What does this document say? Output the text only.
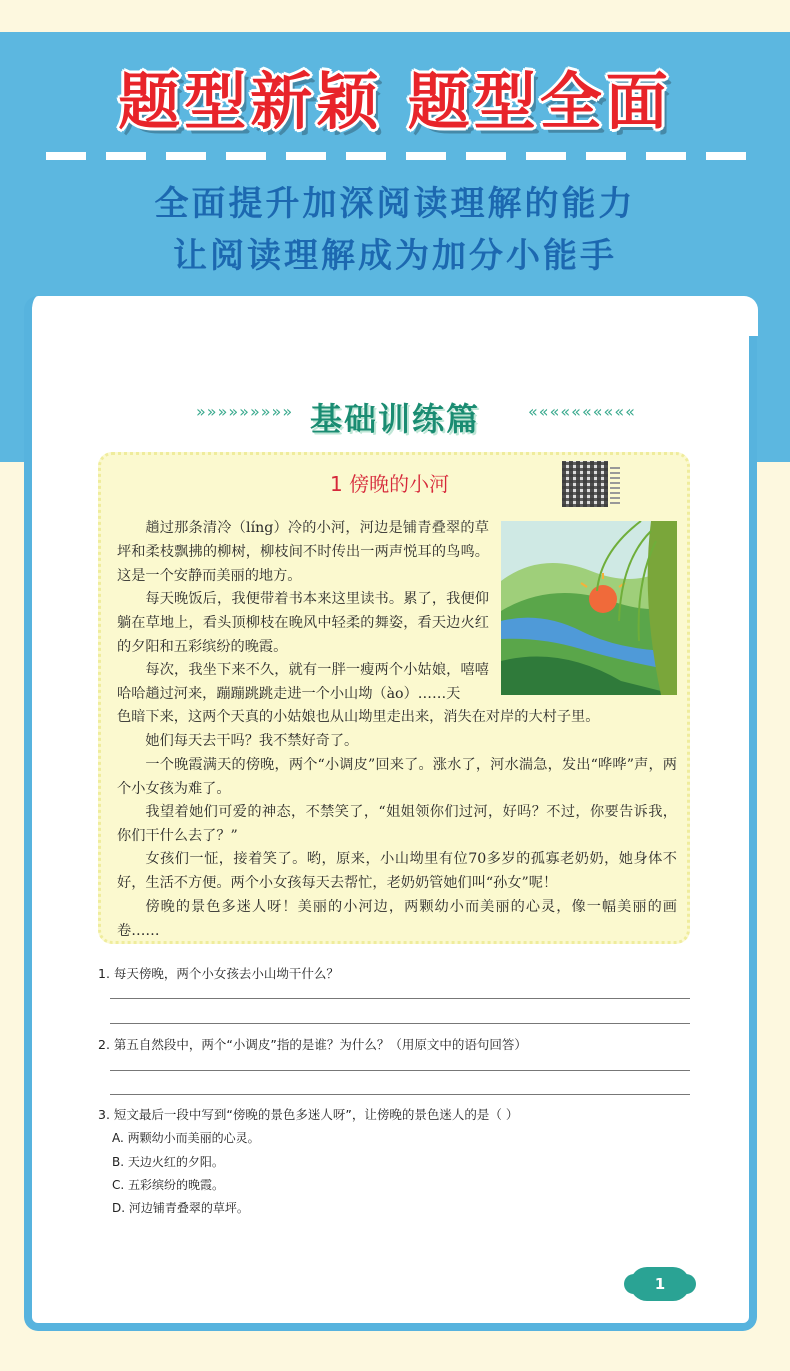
题型新颖 题型全面
全面提升加深阅读理解的能力
让阅读理解成为加分小能手
»»»»»»»»» 基础训练篇	««««««««««
1 傍晚的小河

趟过那条清冷（líng）冷的小河，河边是铺青叠翠的草坪和柔枝飘拂的柳树，柳枝间不时传出一两声悦耳的鸟鸣。这是一个安静而美丽的地方。

每天晚饭后，我便带着书本来这里读书。累了，我便仰躺在草地上，看头顶柳枝在晚风中轻柔的舞姿，看天边火红的夕阳和五彩缤纷的晚霞。

每次，我坐下来不久，就有一胖一瘦两个小姑娘，嘻嘻哈哈趟过河来，蹦蹦跳跳走进一个小山坳（ào）……天

色暗下来，这两个天真的小姑娘也从山坳里走出来，消失在对岸的大村子里。

她们每天去干吗？我不禁好奇了。

一个晚霞满天的傍晚，两个“小调皮”回来了。涨水了，河水湍急，发出“哗哗”声，两个小女孩为难了。

我望着她们可爱的神态，不禁笑了，“姐姐领你们过河，好吗？不过，你要告诉我，你们干什么去了？”

女孩们一怔，接着笑了。哟，原来，小山坳里有位70多岁的孤寡老奶奶，她身体不好，生活不方便。两个小女孩每天去帮忙，老奶奶管她们叫“孙女”呢！

傍晚的景色多迷人呀！美丽的小河边，两颗幼小而美丽的心灵，像一幅美丽的画卷……

1. 每天傍晚，两个小女孩去小山坳干什么？
2. 第五自然段中，两个“小调皮”指的是谁？为什么？（用原文中的语句回答）
3. 短文最后一段中写到“傍晚的景色多迷人呀”，让傍晚的景色迷人的是（ ）
A. 两颗幼小而美丽的心灵。
B. 天边火红的夕阳。
C. 五彩缤纷的晚霞。
D. 河边铺青叠翠的草坪。
1
